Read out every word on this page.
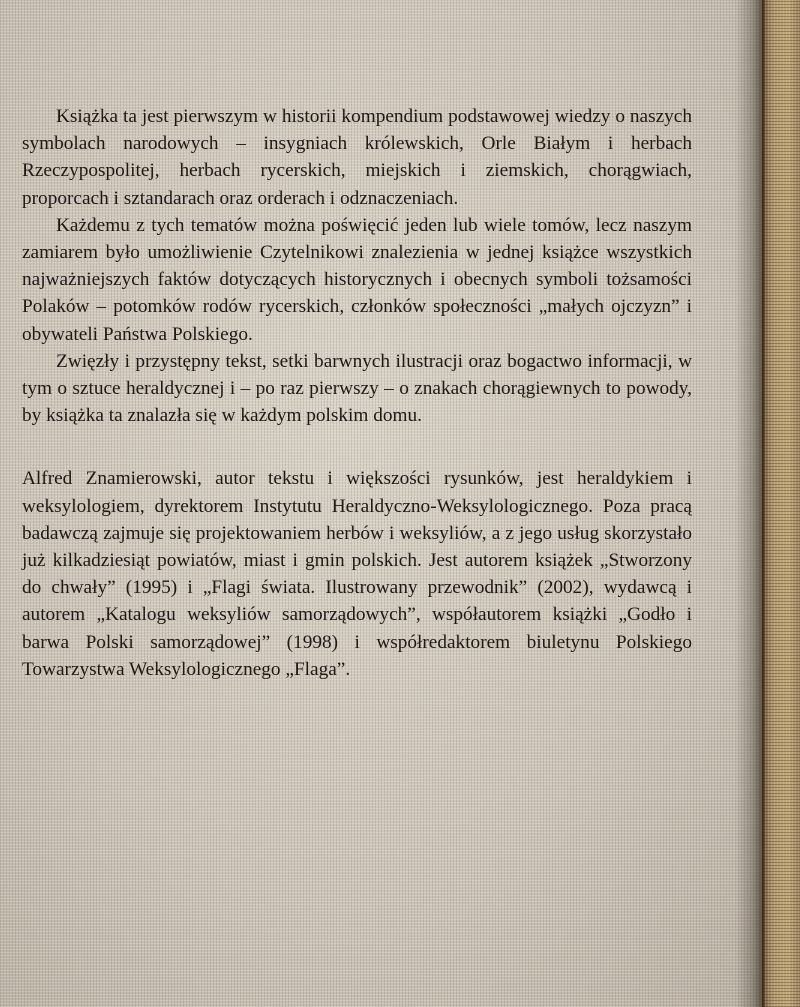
Książka ta jest pierwszym w historii kompendium podstawowej wiedzy o naszych symbolach narodowych – insygniach królewskich, Orle Białym i herbach Rzeczypospolitej, herbach rycerskich, miejskich i ziemskich, chorągwiach, proporcach i sztandarach oraz orderach i odznaczeniach.

Każdemu z tych tematów można poświęcić jeden lub wiele tomów, lecz naszym zamiarem było umożliwienie Czytelnikowi znalezienia w jednej książce wszystkich najważniejszych faktów dotyczących historycznych i obecnych symboli tożsamości Polaków – potomków rodów rycerskich, członków społeczności „małych ojczyzn” i obywateli Państwa Polskiego.

Zwięzły i przystępny tekst, setki barwnych ilustracji oraz bogactwo informacji, w tym o sztuce heraldycznej i – po raz pierwszy – o znakach chorągiewnych to powody, by książka ta znalazła się w każdym polskim domu.

Alfred Znamierowski, autor tekstu i większości rysunków, jest heraldykiem i weksylologiem, dyrektorem Instytutu Heraldyczno-Weksylologicznego. Poza pracą badawczą zajmuje się projektowaniem herbów i weksyliów, a z jego usług skorzystało już kilkadziesiąt powiatów, miast i gmin polskich. Jest autorem książek „Stworzony do chwały” (1995) i „Flagi świata. Ilustrowany przewodnik” (2002), wydawcą i autorem „Katalogu weksyliów samorządowych”, współautorem książki „Godło i barwa Polski samorządowej” (1998) i współredaktorem biuletynu Polskiego Towarzystwa Weksylologicznego „Flaga”.
